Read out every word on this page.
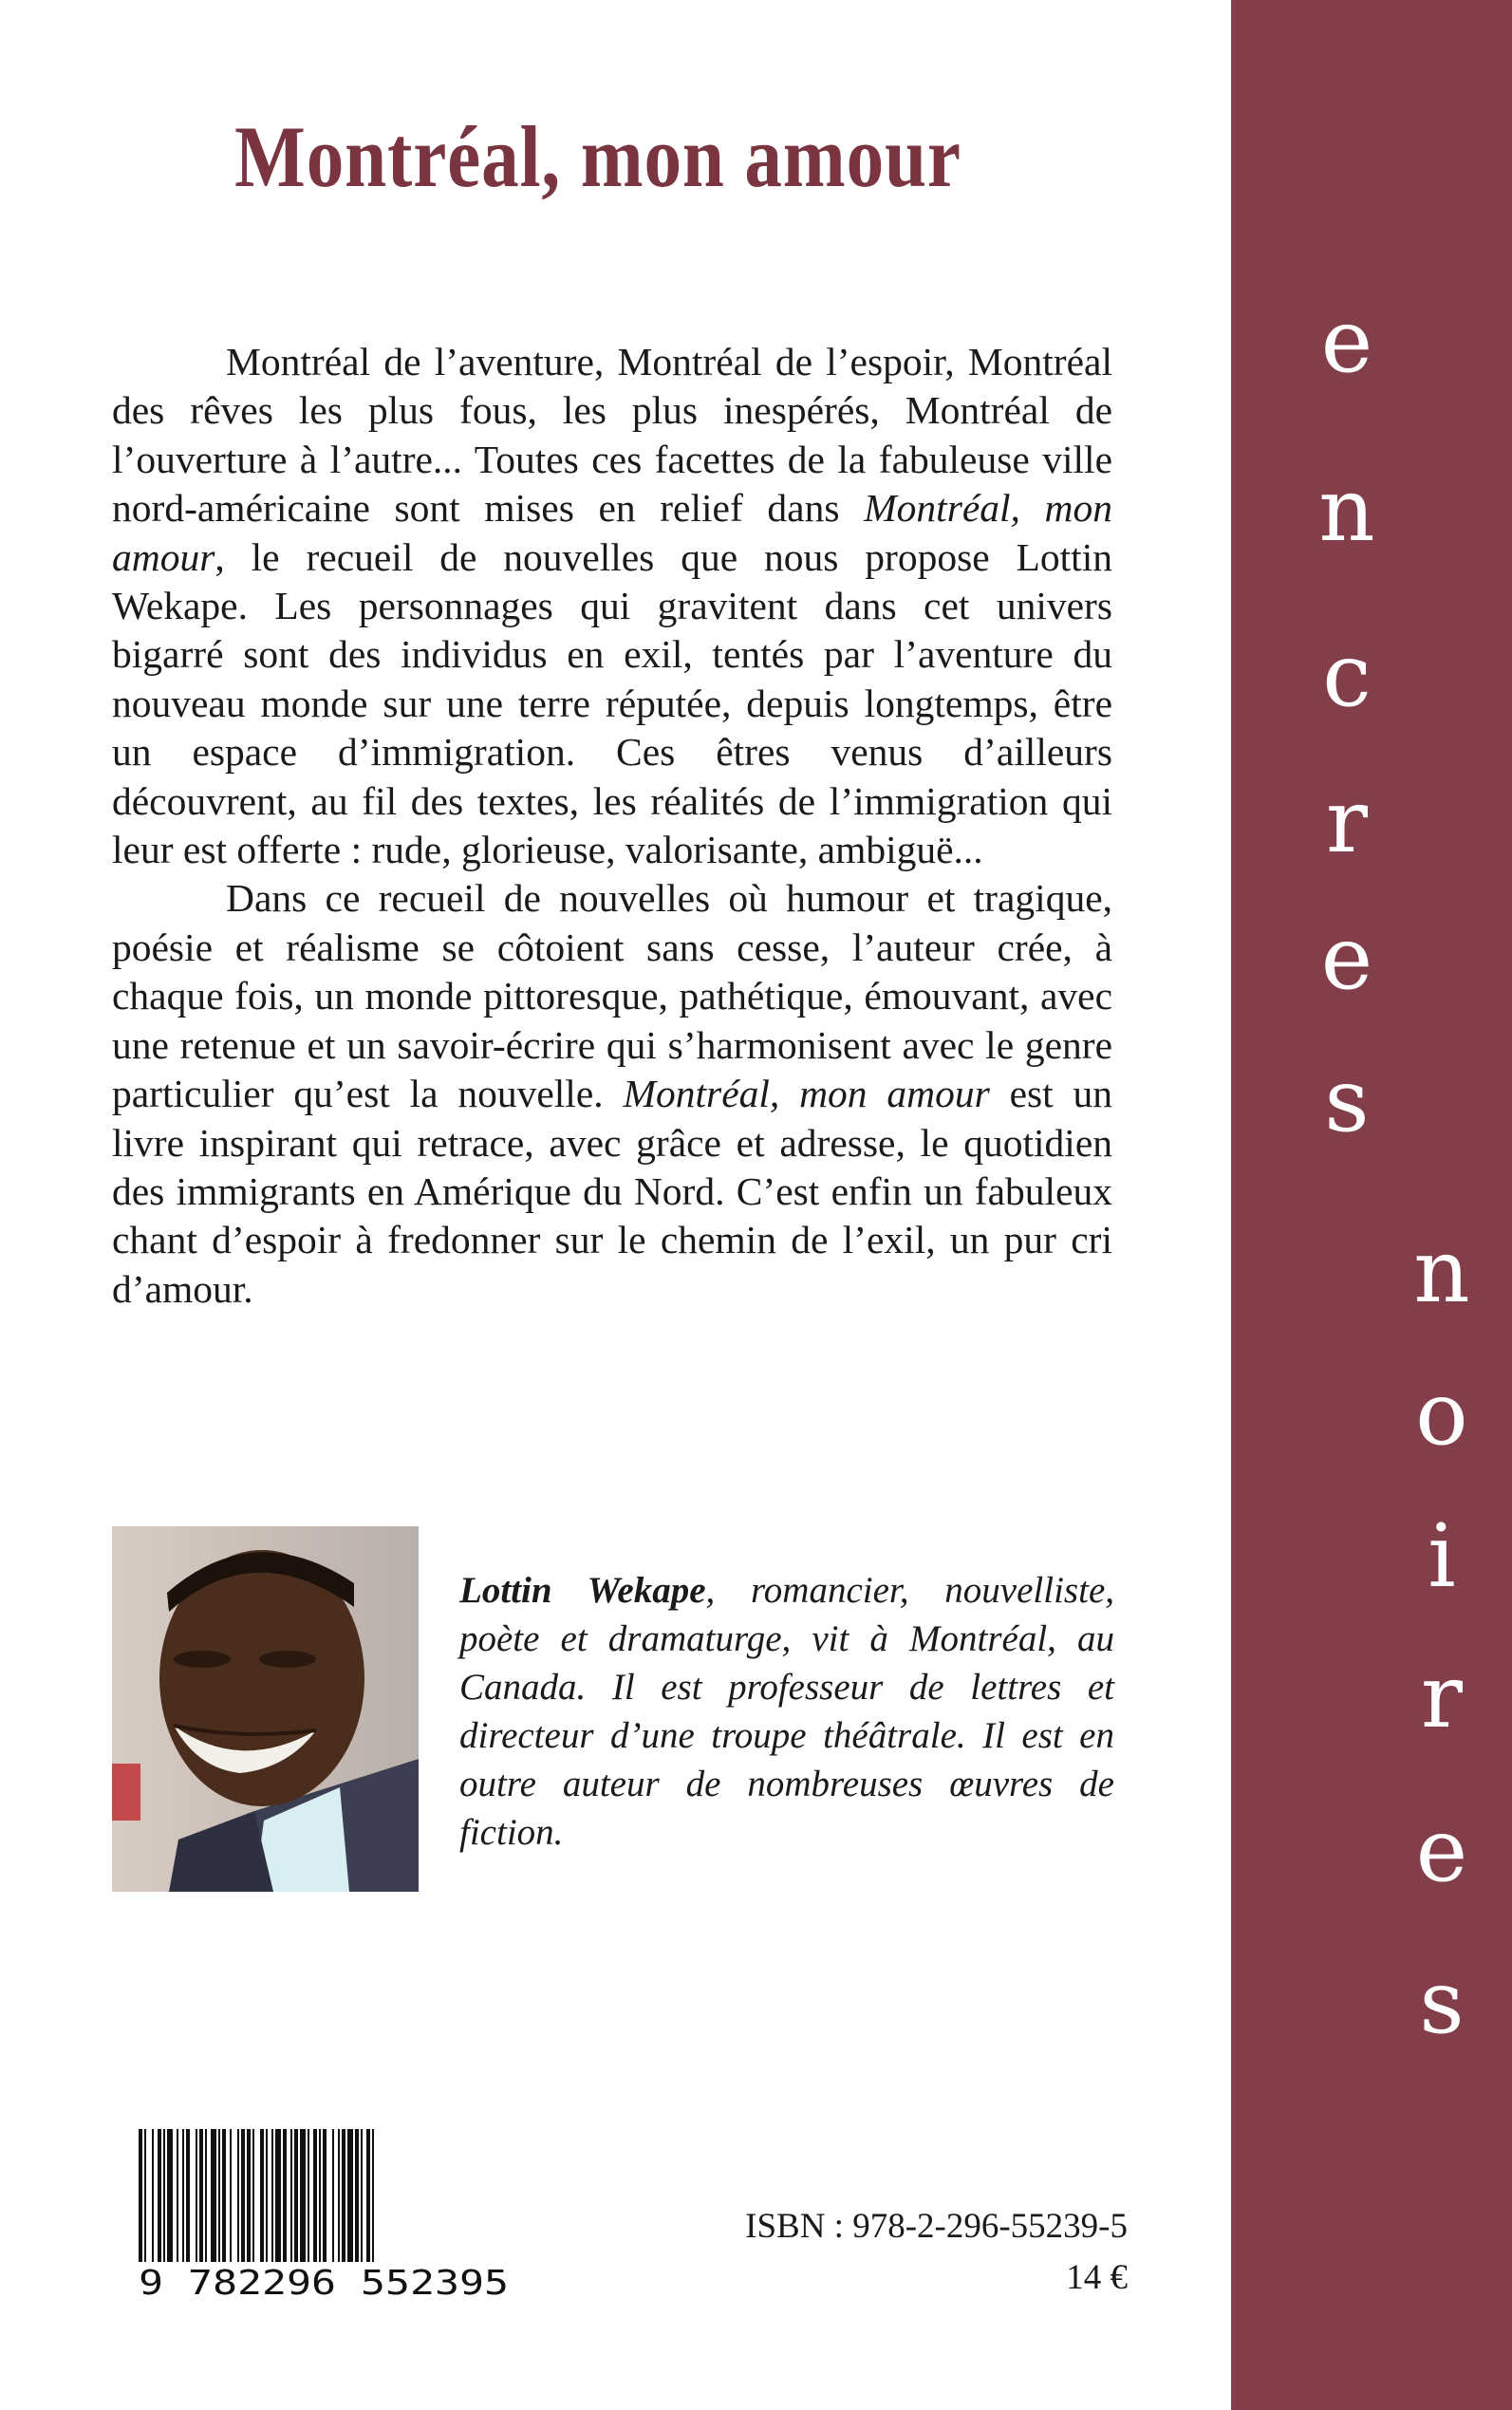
Montréal, mon amour

Montréal de l’aventure, Montréal de l’espoir, Montréal des rêves les plus fous, les plus inespérés, Montréal de l’ouverture à l’autre... Toutes ces facettes de la fabuleuse ville nord-américaine sont mises en relief dans Montréal, mon amour, le recueil de nouvelles que nous propose Lottin Wekape. Les personnages qui gravitent dans cet univers bigarré sont des individus en exil, tentés par l’aventure du nouveau monde sur une terre réputée, depuis longtemps, être un espace d’immigration. Ces êtres venus d’ailleurs découvrent, au fil des textes, les réalités de l’immigration qui leur est offerte : rude, glorieuse, valorisante, ambiguë...

Dans ce recueil de nouvelles où humour et tragique, poésie et réalisme se côtoient sans cesse, l’auteur crée, à chaque fois, un monde pittoresque, pathétique, émouvant, avec une retenue et un savoir-écrire qui s’harmonisent avec le genre particulier qu’est la nouvelle. Montréal, mon amour est un livre inspirant qui retrace, avec grâce et adresse, le quotidien des immigrants en Amérique du Nord. C’est enfin un fabuleux chant d’espoir à fredonner sur le chemin de l’exil, un pur cri d’amour.

Lottin Wekape, romancier, nouvelliste, poète et dramaturge, vit à Montréal, au Canada. Il est professeur de lettres et directeur d’une troupe théâtrale. Il est en outre auteur de nombreuses œuvres de fiction.
9 782296 552395
ISBN : 978-2-296-55239-5
14 €
e
n
c
r
e
s
n
o
i
r
e
s
